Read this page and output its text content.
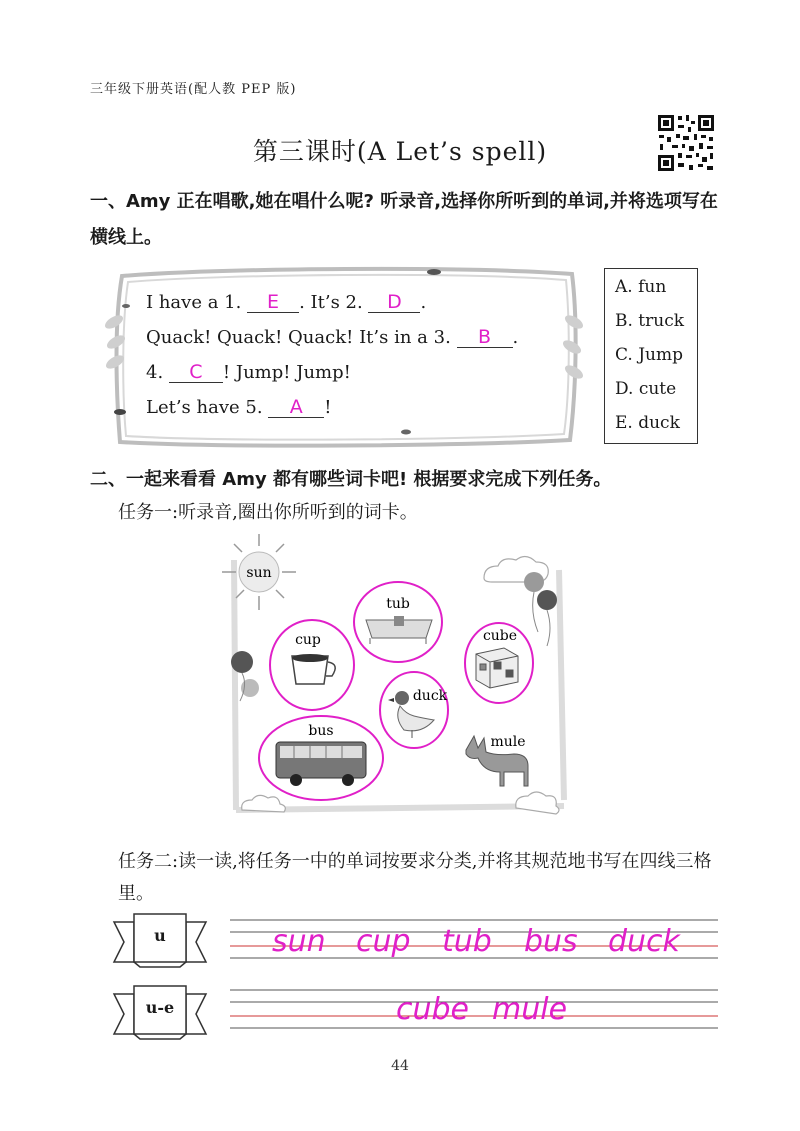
三年级下册英语(配人教 PEP 版)
第三课时(A Let’s spell)
一、Amy 正在唱歌,她在唱什么呢? 听录音,选择你所听到的单词,并将选项写在横线上。
I have a 1. E . It’s 2. D .
Quack! Quack! Quack! It’s in a 3. B .
4. C ! Jump! Jump!
Let’s have 5. A !
A. fun
B. truck
C. Jump
D. cute
E. duck
二、一起来看看 Amy 都有哪些词卡吧! 根据要求完成下列任务。
任务一:听录音,圈出你所听到的词卡。
sun
tub
cup	cube
duck
bus
mule
任务二:读一读,将任务一中的单词按要求分类,并将其规范地书写在四线三格里。
u
u-e
sun cup tub bus duck
cube mule
44
